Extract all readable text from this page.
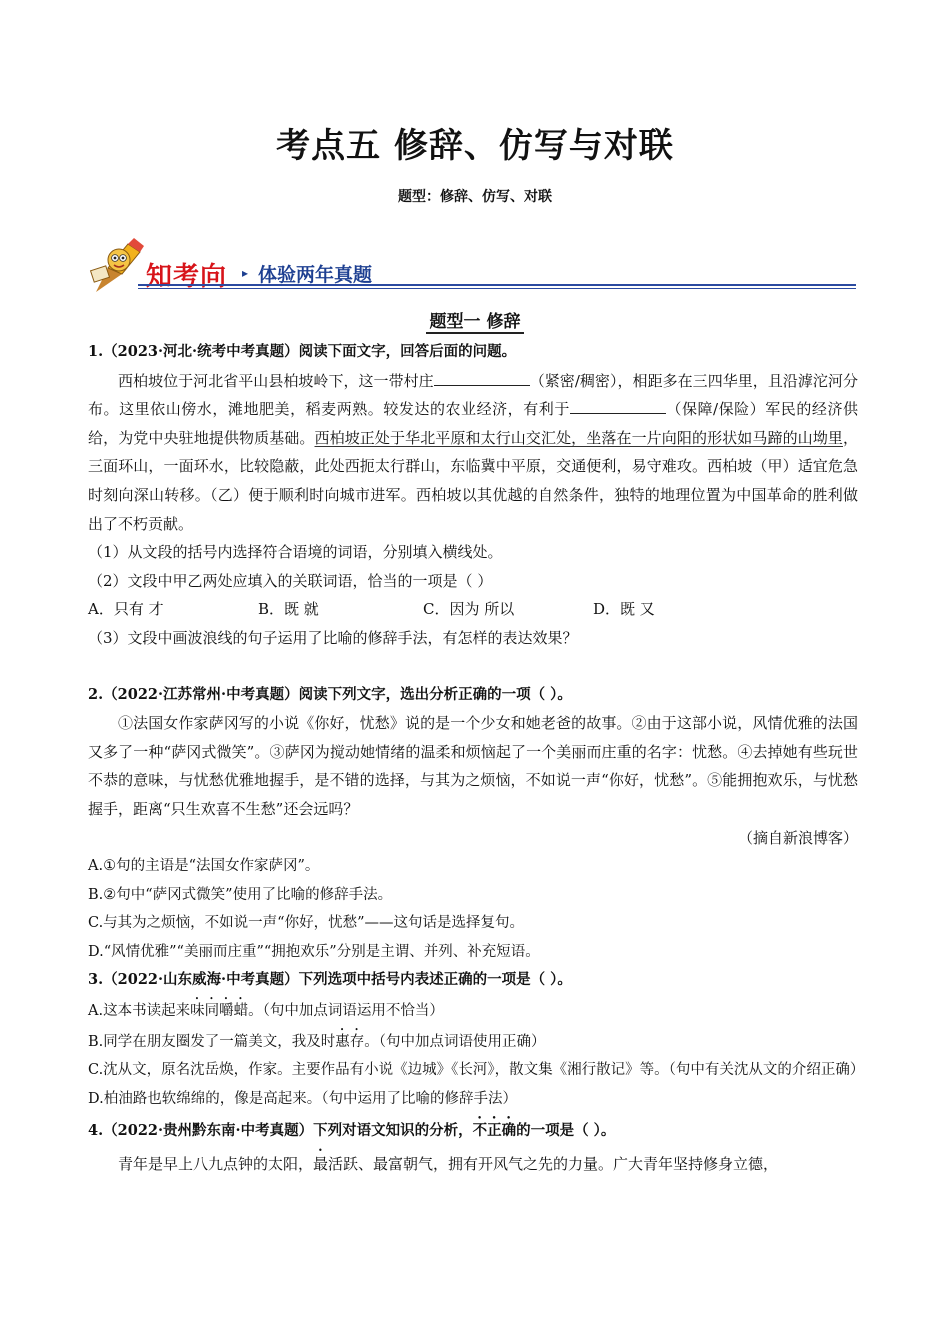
考点五 修辞、仿写与对联
题型：修辞、仿写、对联
知考向 ▸ 体验两年真题
题型一 修辞

1.（2023·河北·统考中考真题）阅读下面文字，回答后面的问题。

西柏坡位于河北省平山县柏坡岭下，这一带村庄	（紧密/稠密），相距多在三四华里，且沿滹沱河分布。这里依山傍水，滩地肥美，稻麦两熟。较发达的农业经济，有利于	（保障/保险）军民的经济供给，为党中央驻地提供物质基础。西柏坡正处于华北平原和太行山交汇处，坐落在一片向阳的形状如马蹄的山坳里，三面环山，一面环水，比较隐蔽，此处西扼太行群山，东临冀中平原，交通便利，易守难攻。西柏坡（甲）适宜危急时刻向深山转移。（乙）便于顺利时向城市进军。西柏坡以其优越的自然条件，独特的地理位置为中国革命的胜利做出了不朽贡献。

（1）从文段的括号内选择符合语境的词语，分别填入横线处。

（2）文段中甲乙两处应填入的关联词语，恰当的一项是（ ）

A．只有 才	B．既 就	C．因为 所以	D．既 又

（3）文段中画波浪线的句子运用了比喻的修辞手法，有怎样的表达效果？

2.（2022·江苏常州·中考真题）阅读下列文字，选出分析正确的一项（ ）。

①法国女作家萨冈写的小说《你好，忧愁》说的是一个少女和她老爸的故事。②由于这部小说，风情优雅的法国又多了一种“萨冈式微笑”。③萨冈为搅动她情绪的温柔和烦恼起了一个美丽而庄重的名字：忧愁。④去掉她有些玩世不恭的意味，与忧愁优雅地握手，是不错的选择，与其为之烦恼，不如说一声“你好，忧愁”。⑤能拥抱欢乐，与忧愁握手，距离“只生欢喜不生愁”还会远吗？

（摘自新浪博客）

A.①句的主语是“法国女作家萨冈”。

B.②句中“萨冈式微笑”使用了比喻的修辞手法。

C.与其为之烦恼，不如说一声“你好，忧愁”——这句话是选择复句。

D.“风情优雅”“美丽而庄重”“拥抱欢乐”分别是主谓、并列、补充短语。

3.（2022·山东威海·中考真题）下列选项中括号内表述正确的一项是（ ）。

A.这本书读起来味同嚼蜡。（句中加点词语运用不恰当）

B.同学在朋友圈发了一篇美文，我及时惠存。（句中加点词语使用正确）

C.沈从文，原名沈岳焕，作家。主要作品有小说《边城》《长河》，散文集《湘行散记》等。（句中有关沈从文的介绍正确）

D.柏油路也软绵绵的，像是高起来。（句中运用了比喻的修辞手法）

4.（2022·贵州黔东南·中考真题）下列对语文知识的分析，不正确的一项是（ ）。

青年是早上八九点钟的太阳，最活跃、最富朝气，拥有开风气之先的力量。广大青年坚持修身立德，
